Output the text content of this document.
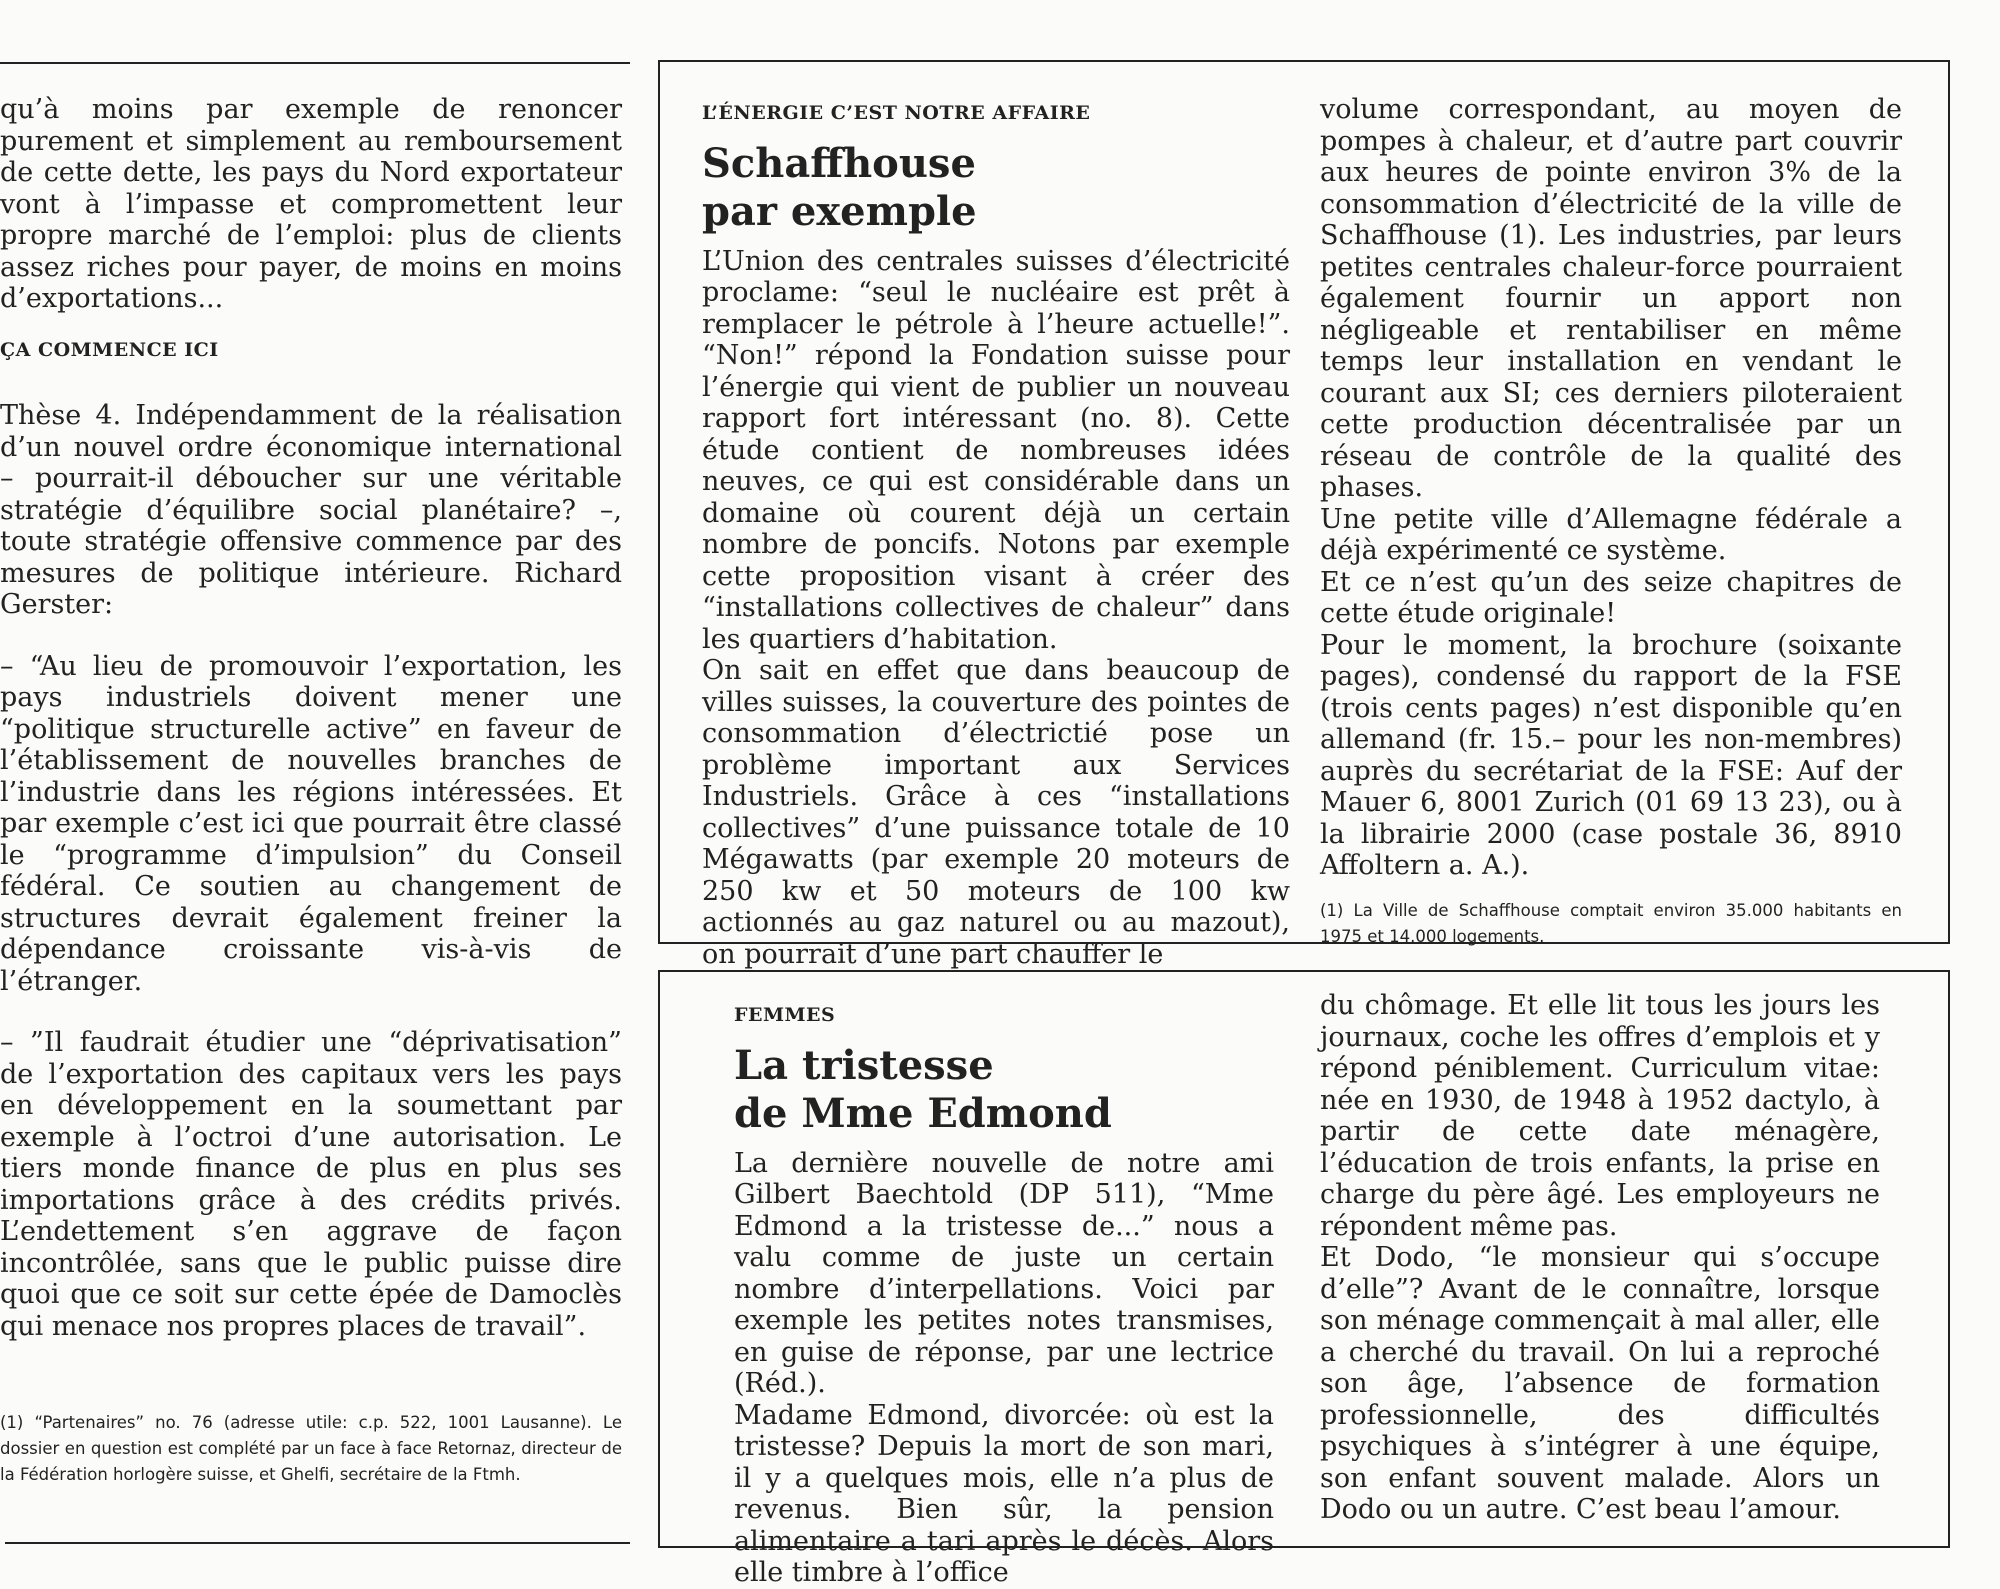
qu’à moins par exemple de renoncer purement et simplement au remboursement de cette dette, les pays du Nord exportateur vont à l’impasse et compromettent leur propre marché de l’emploi: plus de clients assez riches pour payer, de moins en moins d’exportations...

ÇA COMMENCE ICI

Thèse 4. Indépendamment de la réalisation d’un nouvel ordre économique international – pourrait-il déboucher sur une véritable stratégie d’équilibre social planétaire? –, toute stratégie offensive commence par des mesures de politique intérieure. Richard Gerster:

– “Au lieu de promouvoir l’exportation, les pays industriels doivent mener une “politique structurelle active” en faveur de l’établissement de nouvelles branches de l’industrie dans les régions intéressées. Et par exemple c’est ici que pourrait être classé le “programme d’impulsion” du Conseil fédéral. Ce soutien au changement de structures devrait également freiner la dépendance croissante vis-à-vis de l’étranger.

– ”Il faudrait étudier une “déprivatisation” de l’exportation des capitaux vers les pays en développement en la soumettant par exemple à l’octroi d’une autorisation. Le tiers monde finance de plus en plus ses importations grâce à des crédits privés. L’endettement s’en aggrave de façon incontrôlée, sans que le public puisse dire quoi que ce soit sur cette épée de Damoclès qui menace nos propres places de travail”.

(1) “Partenaires” no. 76 (adresse utile: c.p. 522, 1001 Lausanne). Le dossier en question est complété par un face à face Retornaz, directeur de la Fédération horlogère suisse, et Ghelfi, secrétaire de la Ftmh.
L’ÉNERGIE C’EST NOTRE AFFAIRE
Schaffhouse
par exemple

L’Union des centrales suisses d’électricité proclame: “seul le nucléaire est prêt à remplacer le pétrole à l’heure actuelle!”. “Non!” répond la Fondation suisse pour l’énergie qui vient de publier un nouveau rapport fort intéressant (no. 8). Cette étude contient de nombreuses idées neuves, ce qui est considérable dans un domaine où courent déjà un certain nombre de poncifs. Notons par exemple cette proposition visant à créer des “installations collectives de chaleur” dans les quartiers d’habitation.

On sait en effet que dans beaucoup de villes suisses, la couverture des pointes de consommation d’électrictié pose un problème important aux Services Industriels. Grâce à ces “installations collectives” d’une puissance totale de 10 Mégawatts (par exemple 20 moteurs de 250 kw et 50 moteurs de 100 kw actionnés au gaz naturel ou au mazout), on pourrait d’une part chauffer le

volume correspondant, au moyen de pompes à chaleur, et d’autre part couvrir aux heures de pointe environ 3% de la consommation d’électricité de la ville de Schaffhouse (1). Les industries, par leurs petites centrales chaleur-force pourraient également fournir un apport non négligeable et rentabiliser en même temps leur installation en vendant le courant aux SI; ces derniers piloteraient cette production décentralisée par un réseau de contrôle de la qualité des phases.

Une petite ville d’Allemagne fédérale a déjà expérimenté ce système.

Et ce n’est qu’un des seize chapitres de cette étude originale!

Pour le moment, la brochure (soixante pages), condensé du rapport de la FSE (trois cents pages) n’est disponible qu’en allemand (fr. 15.– pour les non-membres) auprès du secrétariat de la FSE: Auf der Mauer 6, 8001 Zurich (01 69 13 23), ou à la librairie 2000 (case postale 36, 8910 Affoltern a. A.).

(1) La Ville de Schaffhouse comptait environ 35.000 habitants en 1975 et 14.000 logements.
FEMMES
La tristesse
de Mme Edmond

La dernière nouvelle de notre ami Gilbert Baechtold (DP 511), “Mme Edmond a la tristesse de...” nous a valu comme de juste un certain nombre d’interpellations. Voici par exemple les petites notes transmises, en guise de réponse, par une lectrice (Réd.).

Madame Edmond, divorcée: où est la tristesse? Depuis la mort de son mari, il y a quelques mois, elle n’a plus de revenus. Bien sûr, la pension alimentaire a tari après le décès. Alors elle timbre à l’office

du chômage. Et elle lit tous les jours les journaux, coche les offres d’emplois et y répond péniblement. Curriculum vitae: née en 1930, de 1948 à 1952 dactylo, à partir de cette date ménagère, l’éducation de trois enfants, la prise en charge du père âgé. Les employeurs ne répondent même pas.

Et Dodo, “le monsieur qui s’occupe d’elle”? Avant de le connaître, lorsque son ménage commençait à mal aller, elle a cherché du travail. On lui a reproché son âge, l’absence de formation professionnelle, des difficultés psychiques à s’intégrer à une équipe, son enfant souvent malade. Alors un Dodo ou un autre. C’est beau l’amour.
